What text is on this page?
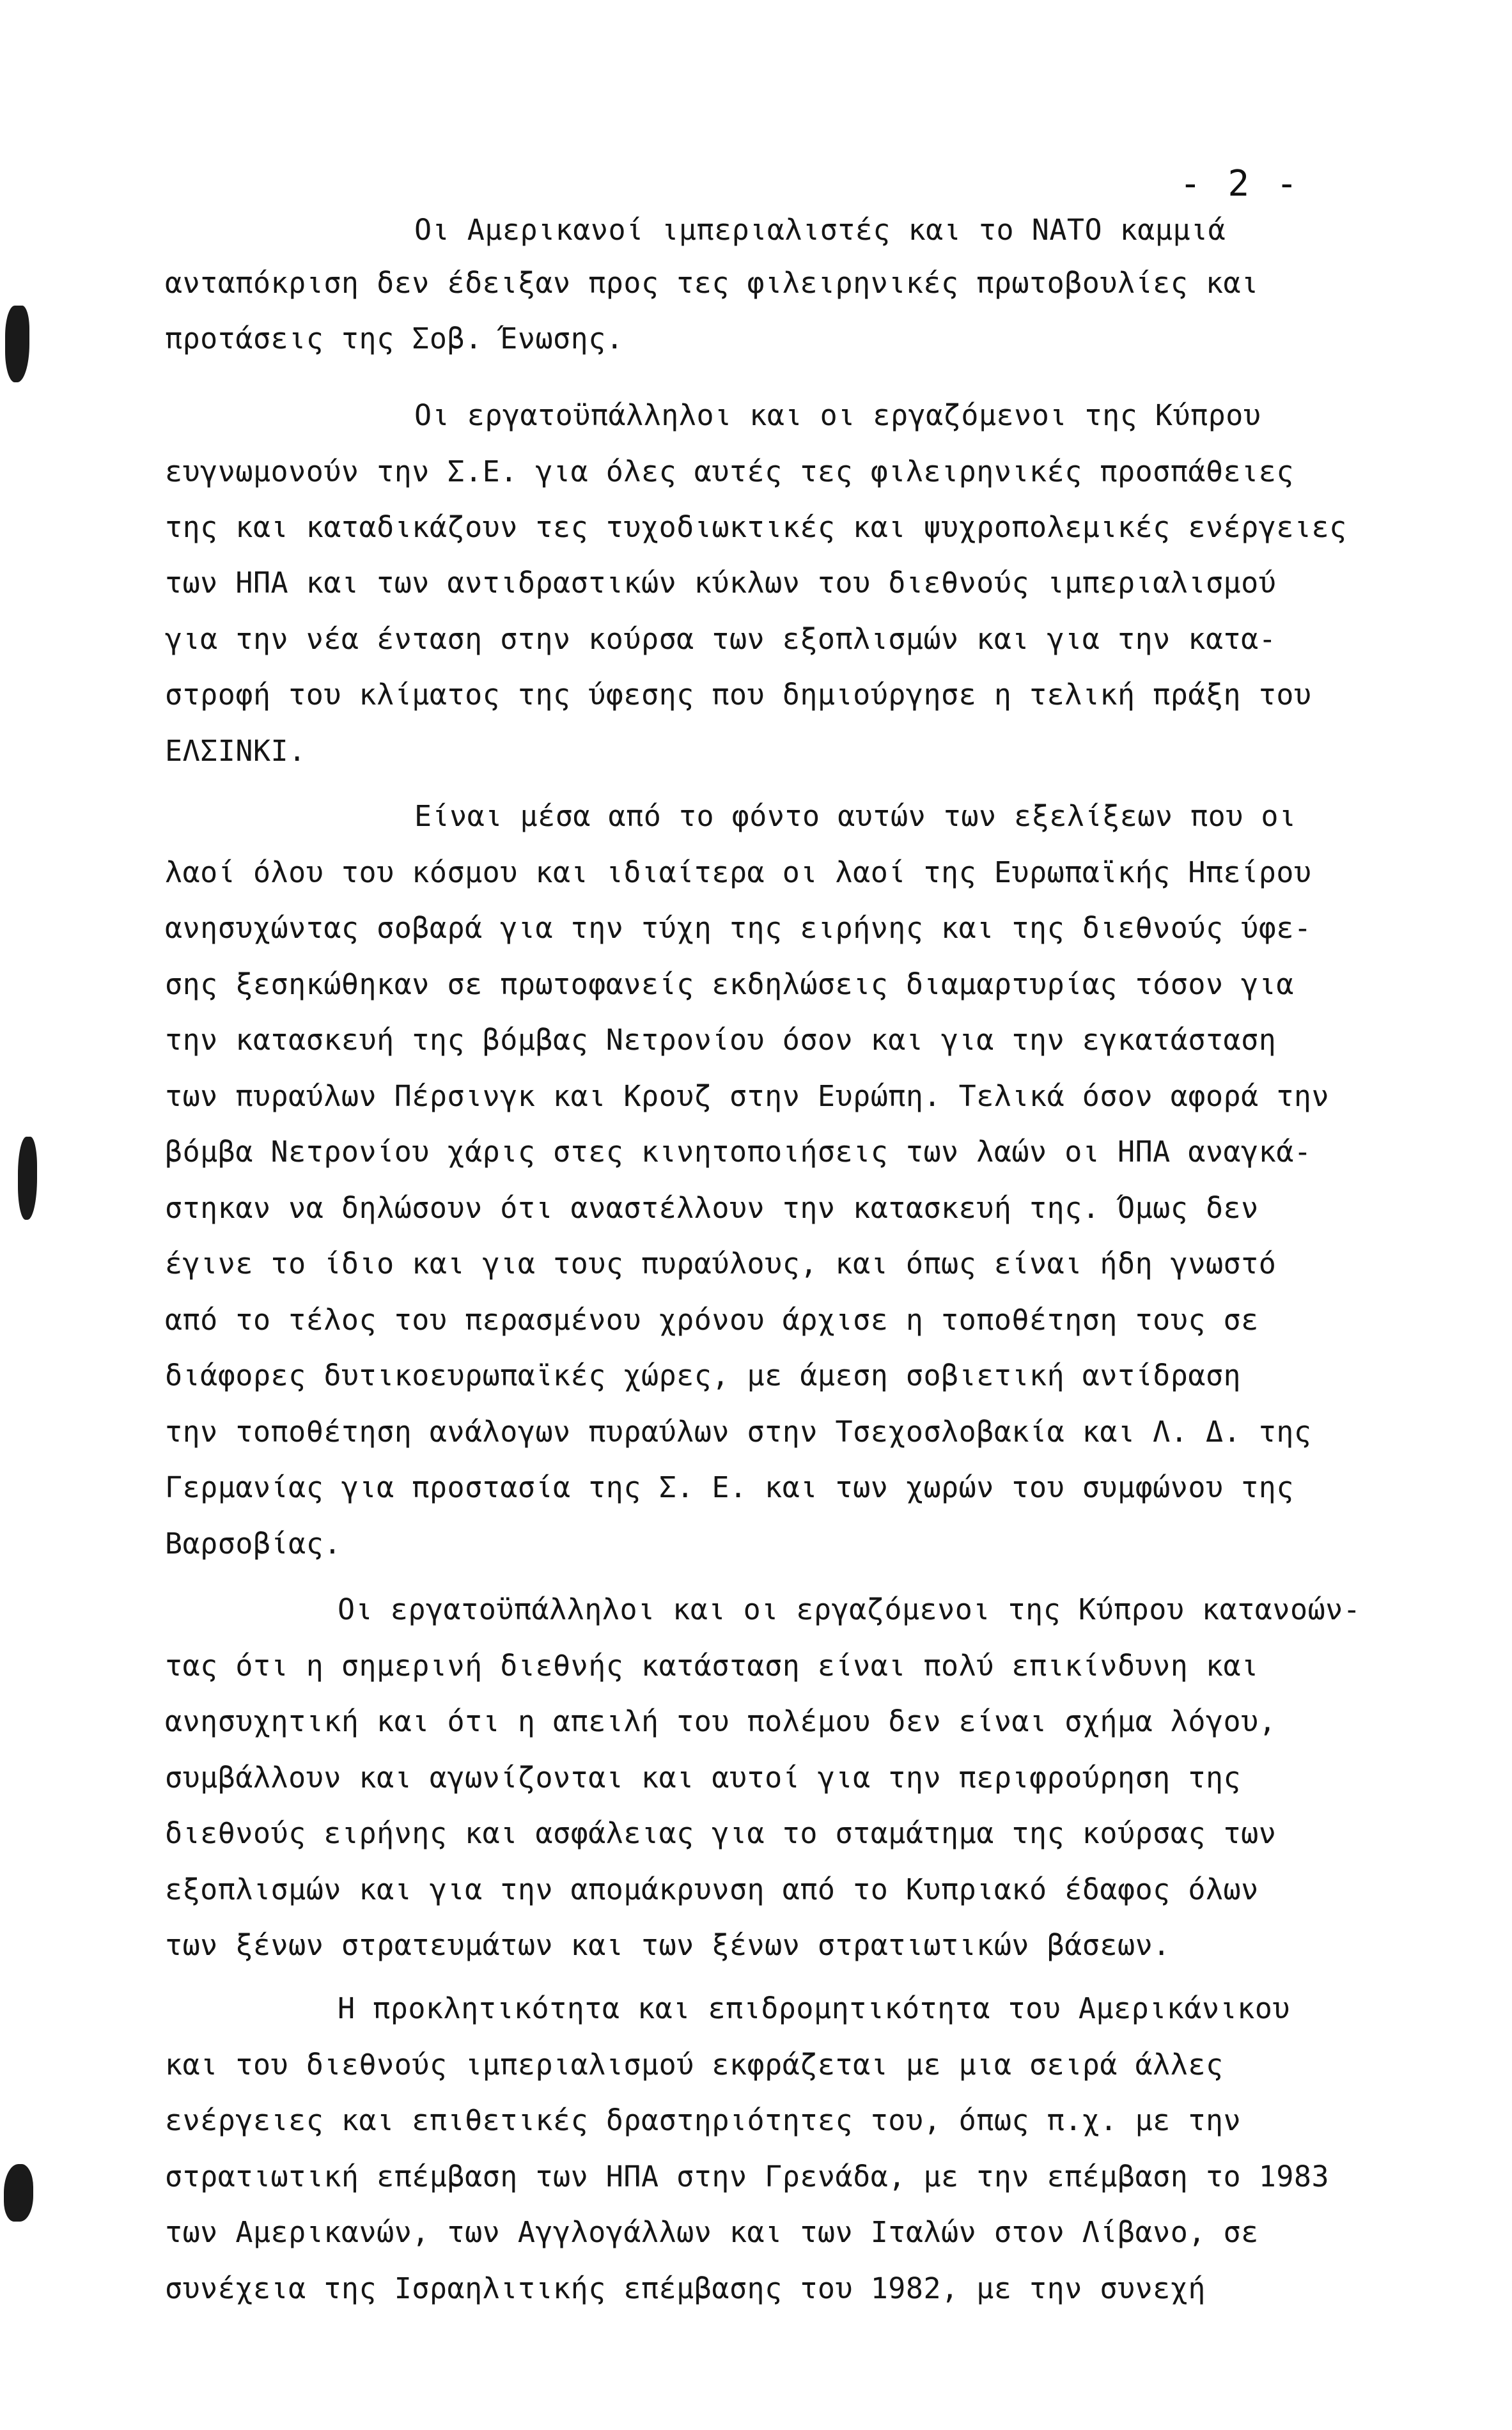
- 2 -
Οι Αμερικανοί ιμπεριαλιστές και το ΝΑΤΟ καμμιά
ανταπόκριση δεν έδειξαν προς τες φιλειρηνικές πρωτοβουλίες και
προτάσεις της Σοβ. Ένωσης.
Οι εργατοϋπάλληλοι και οι εργαζόμενοι της Κύπρου
ευγνωμονούν την Σ.Ε. για όλες αυτές τες φιλειρηνικές προσπάθειες
της και καταδικάζουν τες τυχοδιωκτικές και ψυχροπολεμικές ενέργειες
των ΗΠΑ και των αντιδραστικών κύκλων του διεθνούς ιμπεριαλισμού
για την νέα ένταση στην κούρσα των εξοπλισμών και για την κατα-
στροφή του κλίματος της ύφεσης που δημιούργησε η τελική πράξη του
ΕΛΣΙΝΚΙ.
Είναι μέσα από το φόντο αυτών των εξελίξεων που οι
λαοί όλου του κόσμου και ιδιαίτερα οι λαοί της Ευρωπαϊκής Ηπείρου
ανησυχώντας σοβαρά για την τύχη της ειρήνης και της διεθνούς ύφε-
σης ξεσηκώθηκαν σε πρωτοφανείς εκδηλώσεις διαμαρτυρίας τόσον για
την κατασκευή της βόμβας Νετρονίου όσον και για την εγκατάσταση
των πυραύλων Πέρσινγκ και Κρουζ στην Ευρώπη. Τελικά όσον αφορά την
βόμβα Νετρονίου χάρις στες κινητοποιήσεις των λαών οι ΗΠΑ αναγκά-
στηκαν να δηλώσουν ότι αναστέλλουν την κατασκευή της. Όμως δεν
έγινε το ίδιο και για τους πυραύλους, και όπως είναι ήδη γνωστό
από το τέλος του περασμένου χρόνου άρχισε η τοποθέτηση τους σε
διάφορες δυτικοευρωπαϊκές χώρες, με άμεση σοβιετική αντίδραση
την τοποθέτηση ανάλογων πυραύλων στην Τσεχοσλοβακία και Λ. Δ. της
Γερμανίας για προστασία της Σ. Ε. και των χωρών του συμφώνου της
Βαρσοβίας.
Οι εργατοϋπάλληλοι και οι εργαζόμενοι της Κύπρου κατανοών-
τας ότι η σημερινή διεθνής κατάσταση είναι πολύ επικίνδυνη και
ανησυχητική και ότι η απειλή του πολέμου δεν είναι σχήμα λόγου,
συμβάλλουν και αγωνίζονται και αυτοί για την περιφρούρηση της
διεθνούς ειρήνης και ασφάλειας για το σταμάτημα της κούρσας των
εξοπλισμών και για την απομάκρυνση από το Κυπριακό έδαφος όλων
των ξένων στρατευμάτων και των ξένων στρατιωτικών βάσεων.
Η προκλητικότητα και επιδρομητικότητα του Αμερικάνικου
και του διεθνούς ιμπεριαλισμού εκφράζεται με μια σειρά άλλες
ενέργειες και επιθετικές δραστηριότητες του, όπως π.χ. με την
στρατιωτική επέμβαση των ΗΠΑ στην Γρενάδα, με την επέμβαση το 1983
των Αμερικανών, των Αγγλογάλλων και των Ιταλών στον Λίβανο, σε
συνέχεια της Ισραηλιτικής επέμβασης του 1982, με την συνεχή
